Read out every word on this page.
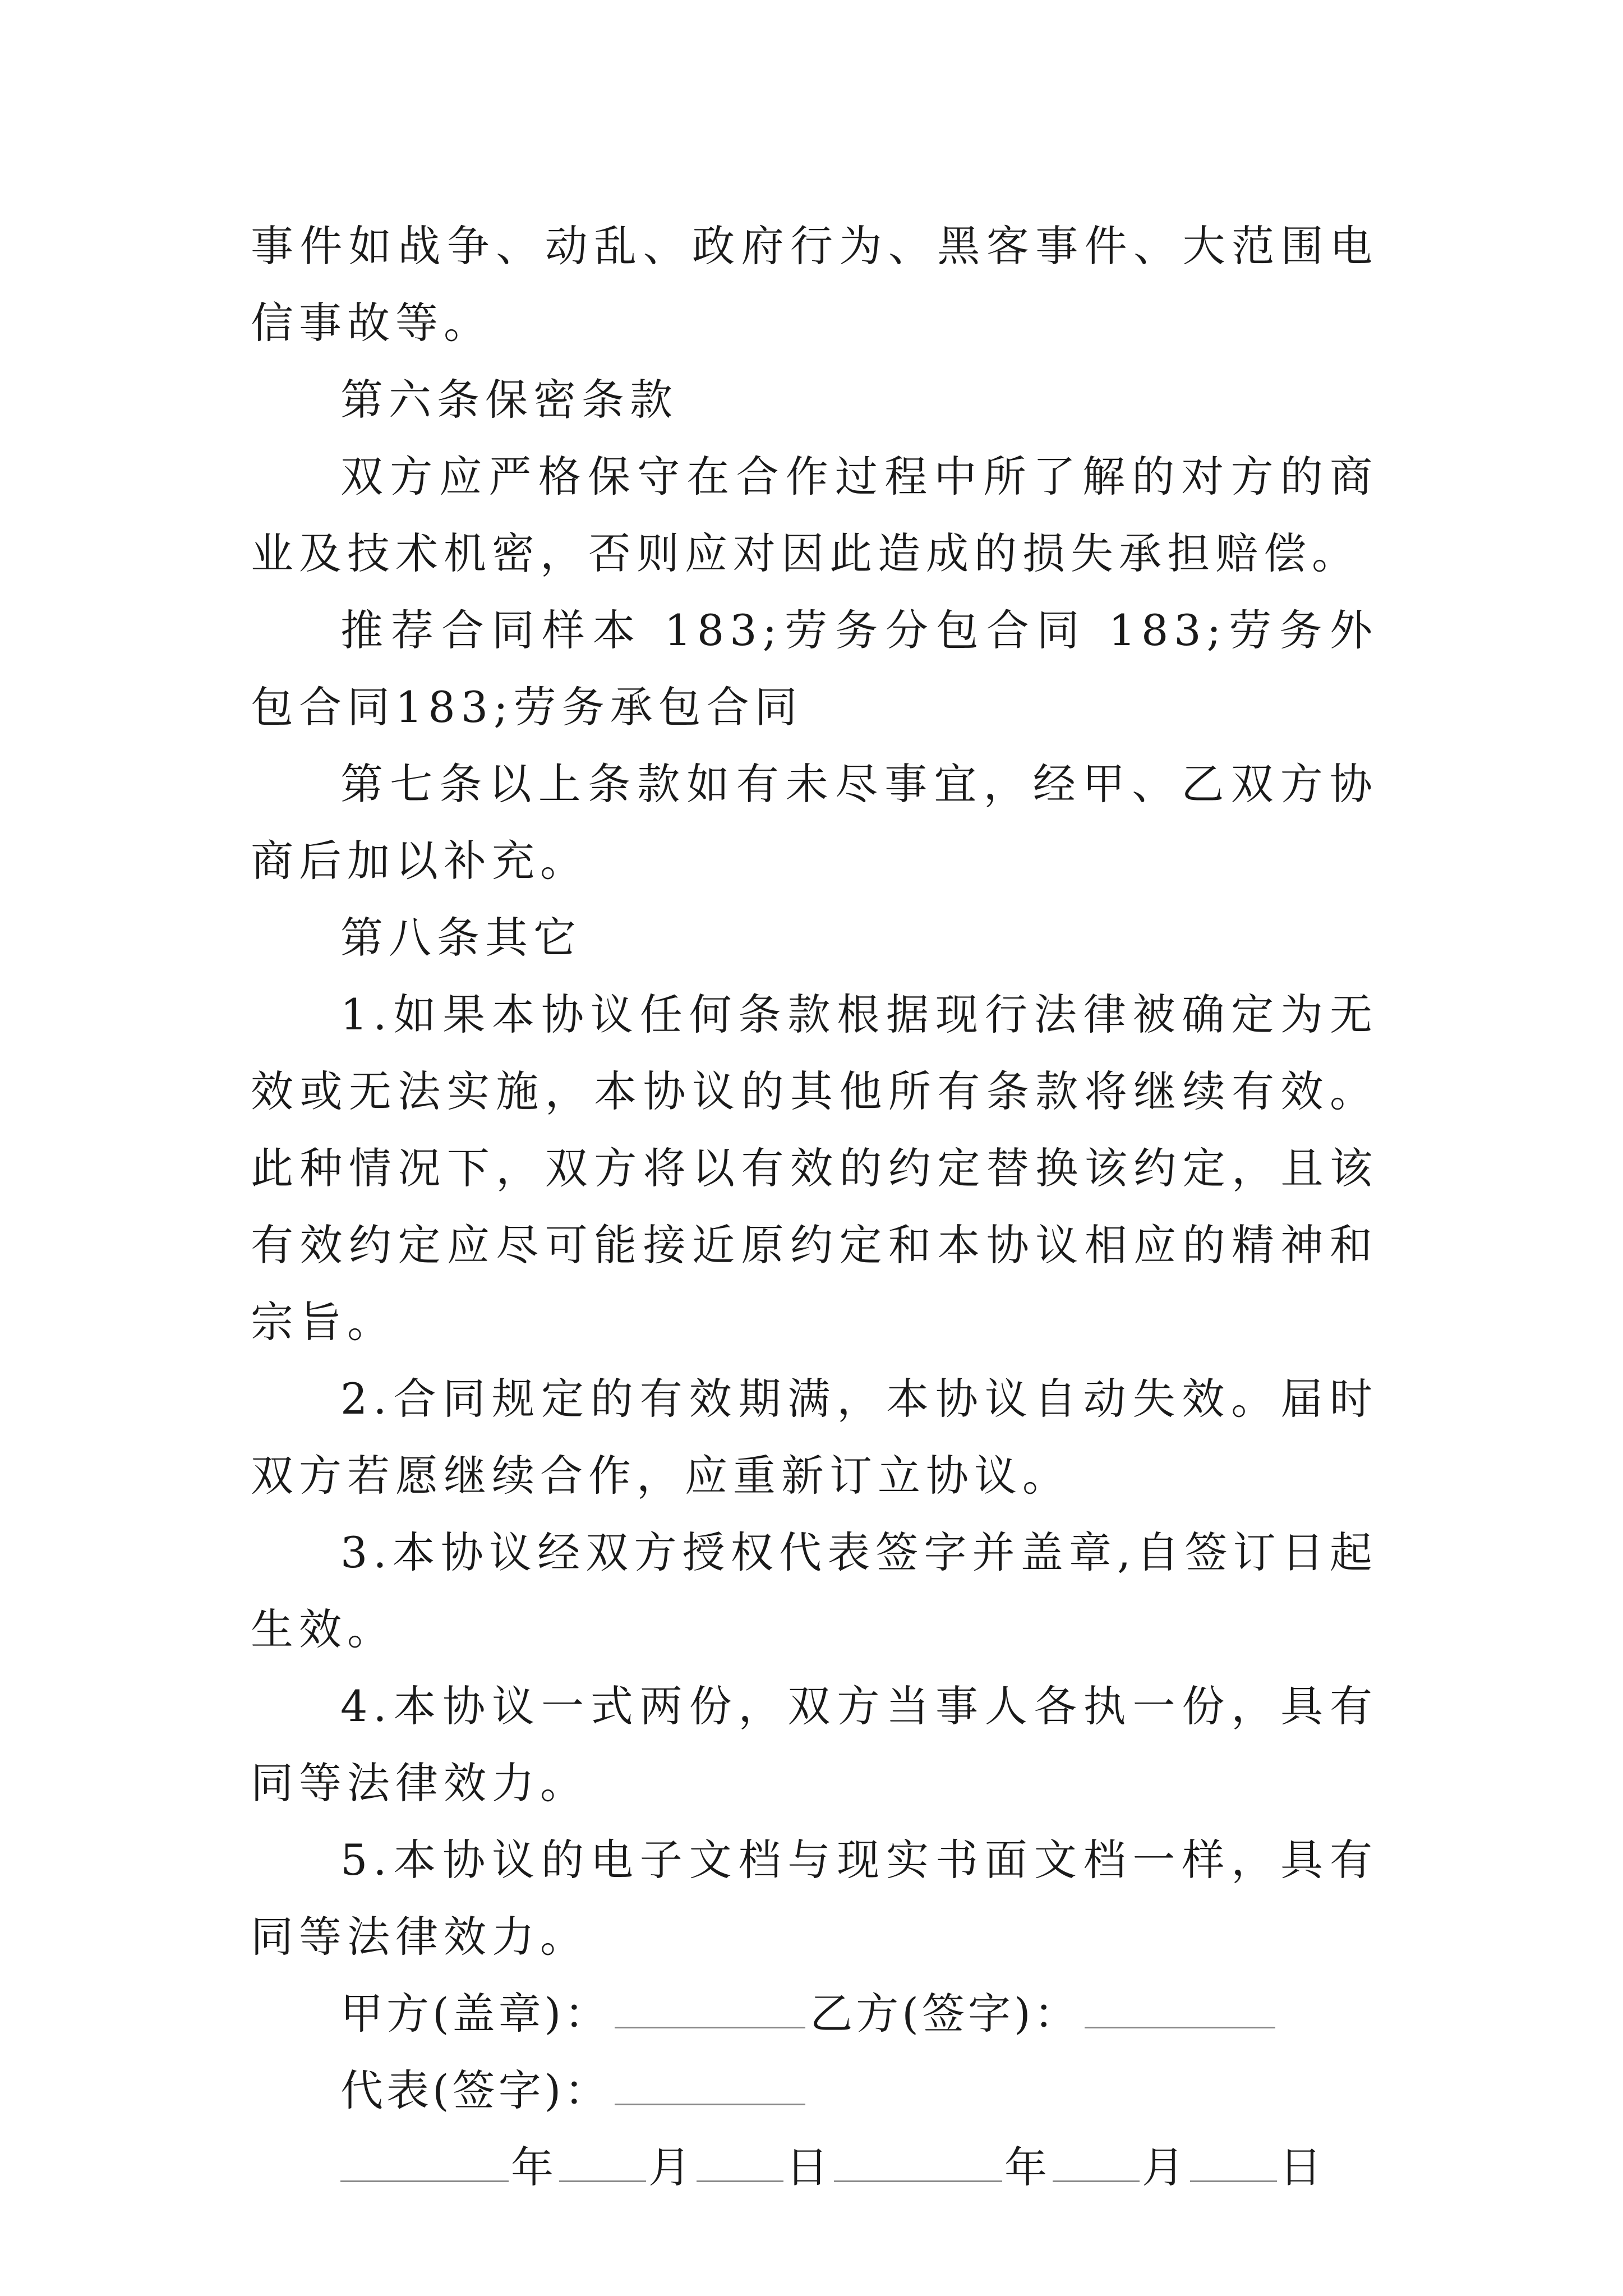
事件如战争、动乱、政府行为、黑客事件、大范围电信事故等。

第六条保密条款

双方应严格保守在合作过程中所了解的对方的商业及技术机密，否则应对因此造成的损失承担赔偿。

推荐合同样本 183;劳务分包合同 183;劳务外包合同183;劳务承包合同

第七条以上条款如有未尽事宜，经甲、乙双方协商后加以补充。

第八条其它

1.如果本协议任何条款根据现行法律被确定为无效或无法实施，本协议的其他所有条款将继续有效。此种情况下，双方将以有效的约定替换该约定，且该有效约定应尽可能接近原约定和本协议相应的精神和宗旨。

2.合同规定的有效期满，本协议自动失效。届时双方若愿继续合作，应重新订立协议。

3.本协议经双方授权代表签字并盖章,自签订日起生效。

4.本协议一式两份，双方当事人各执一份，具有同等法律效力。

5.本协议的电子文档与现实书面文档一样，具有同等法律效力。

甲方(盖章)：	乙方(签字)：

代表(签字)：

年 月 日	年 月 日
